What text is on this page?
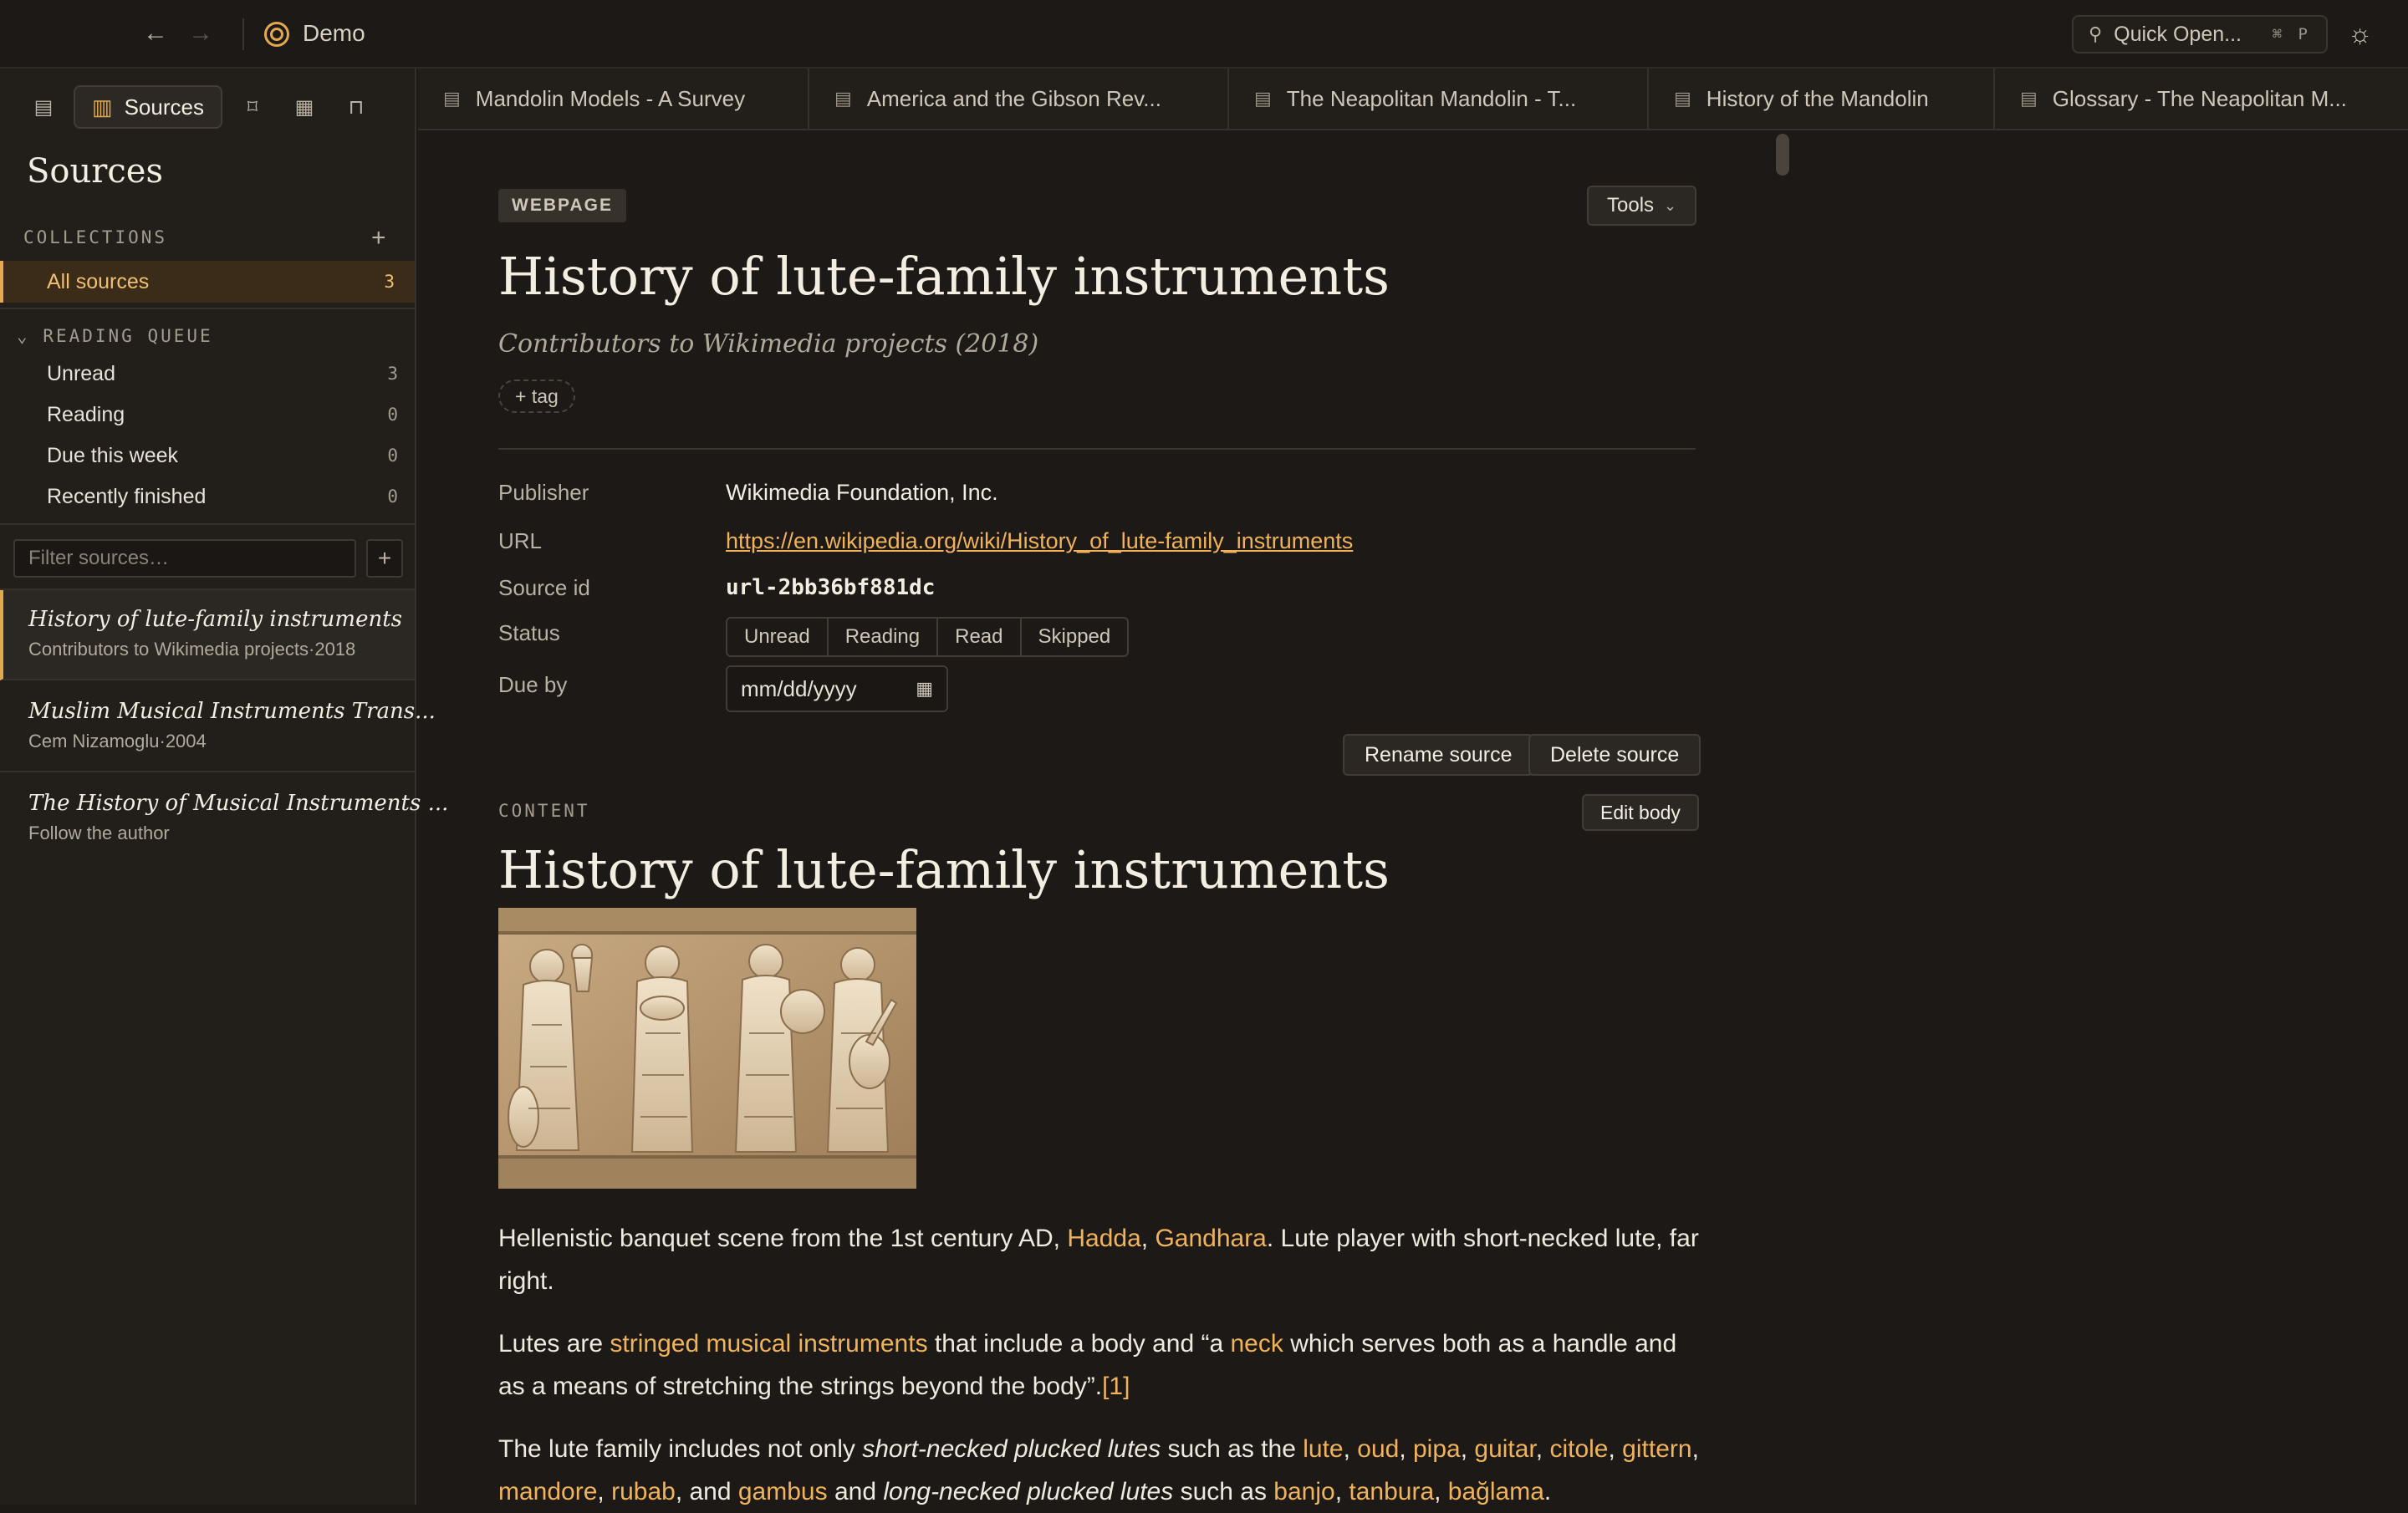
← →	Demo	⚲ Quick Open... ⌘ P ☼
▤ ▥ Sources ⌑ ▦ ⊓
Sources
COLLECTIONS	+
All sources	3
⌄ READING QUEUE
Unread	3
Reading	0
Due this week	0
Recently finished	0
Filter sources…
+
History of lute-family instruments
Contributors to Wikimedia projects·2018
Muslim Musical Instruments Trans...
Cem Nizamoglu·2004
The History of Musical Instruments ...
Follow the author
▤ Mandolin Models - A Survey	▤ America and the Gibson Rev...	▤ The Neapolitan Mandolin - T...	▤ History of the Mandolin	▤ Glossary - The Neapolitan M...
WEBPAGE	Tools ⌄
History of lute-family instruments
Contributors to Wikimedia projects (2018)
+ tag
Publisher	Wikimedia Foundation, Inc.
URL	https://en.wikipedia.org/wiki/History_of_lute-family_instruments
Source id	url-2bb36bf881dc
Status	Unread	Reading	Read	Skipped
Due by	mm/dd/yyyy	▦
Rename source	Delete source
CONTENT	Edit body
History of lute-family instruments
Hellenistic banquet scene from the 1st century AD, Hadda, Gandhara. Lute player with short-necked lute, far right.
Lutes are stringed musical instruments that include a body and “a neck which serves both as a handle and as a means of stretching the strings beyond the body”.[1]
The lute family includes not only short-necked plucked lutes such as the lute, oud, pipa, guitar, citole, gittern, mandore, rubab, and gambus and long-necked plucked lutes such as banjo, tanbura, bağlama.
